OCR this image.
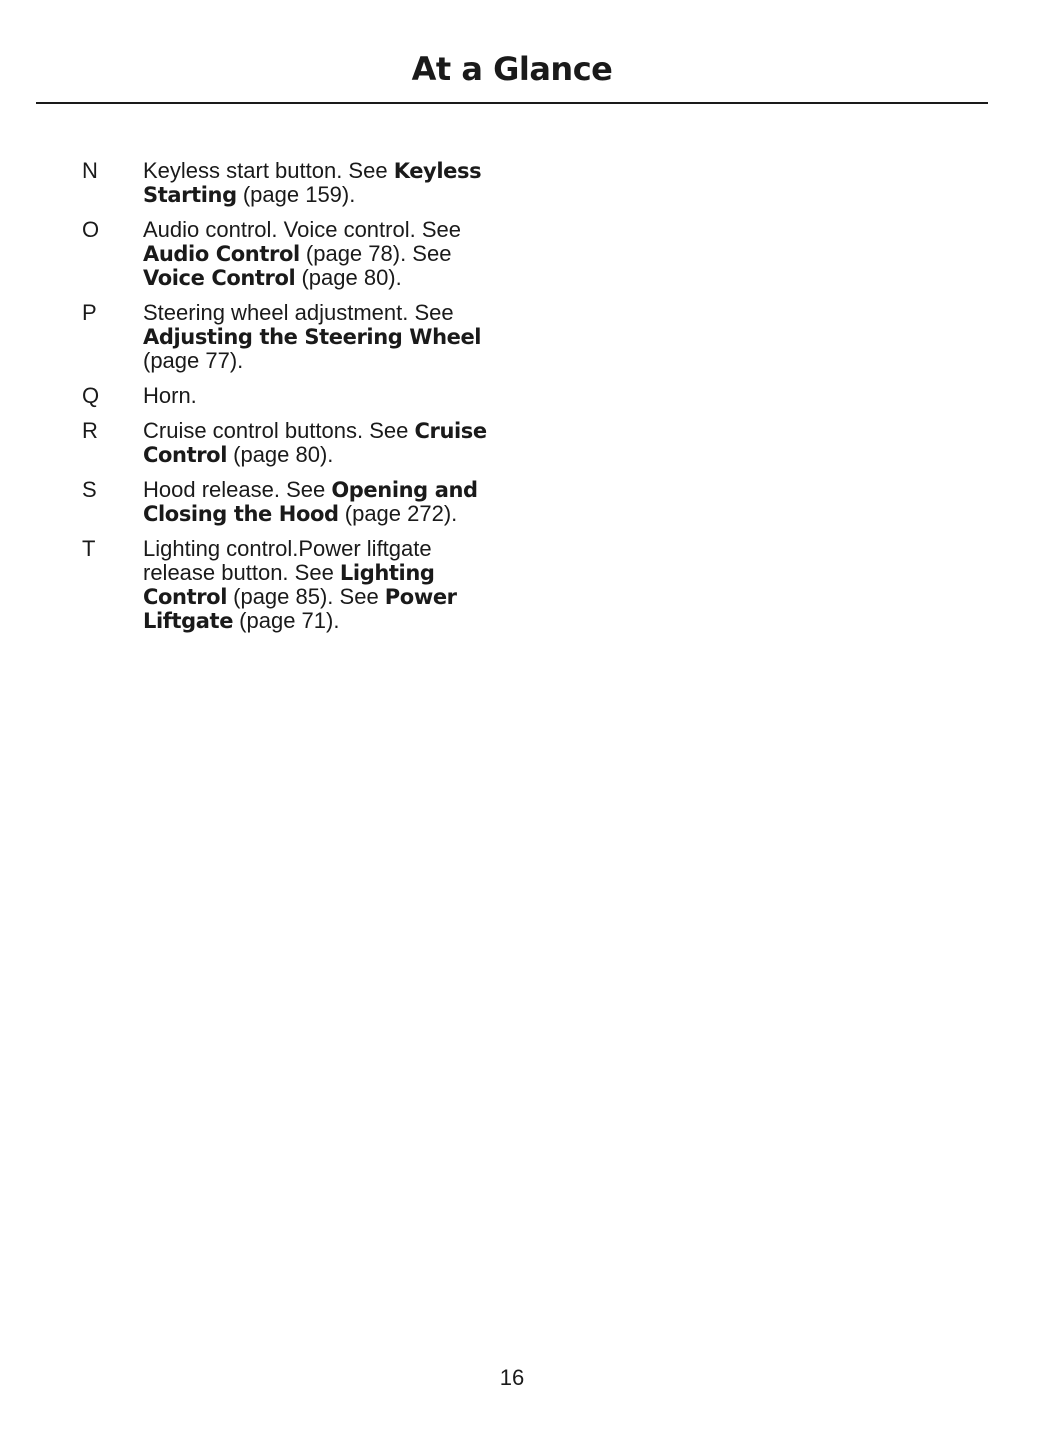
At a Glance
N	Keyless start button. See Keyless Starting (page 159).
O	Audio control. Voice control. See Audio Control (page 78). See Voice Control (page 80).
P	Steering wheel adjustment. See Adjusting the Steering Wheel (page 77).
Q	Horn.
R	Cruise control buttons. See Cruise Control (page 80).
S	Hood release. See Opening and Closing the Hood (page 272).
T	Lighting control.Power liftgate release button. See Lighting Control (page 85). See Power Liftgate (page 71).
16
